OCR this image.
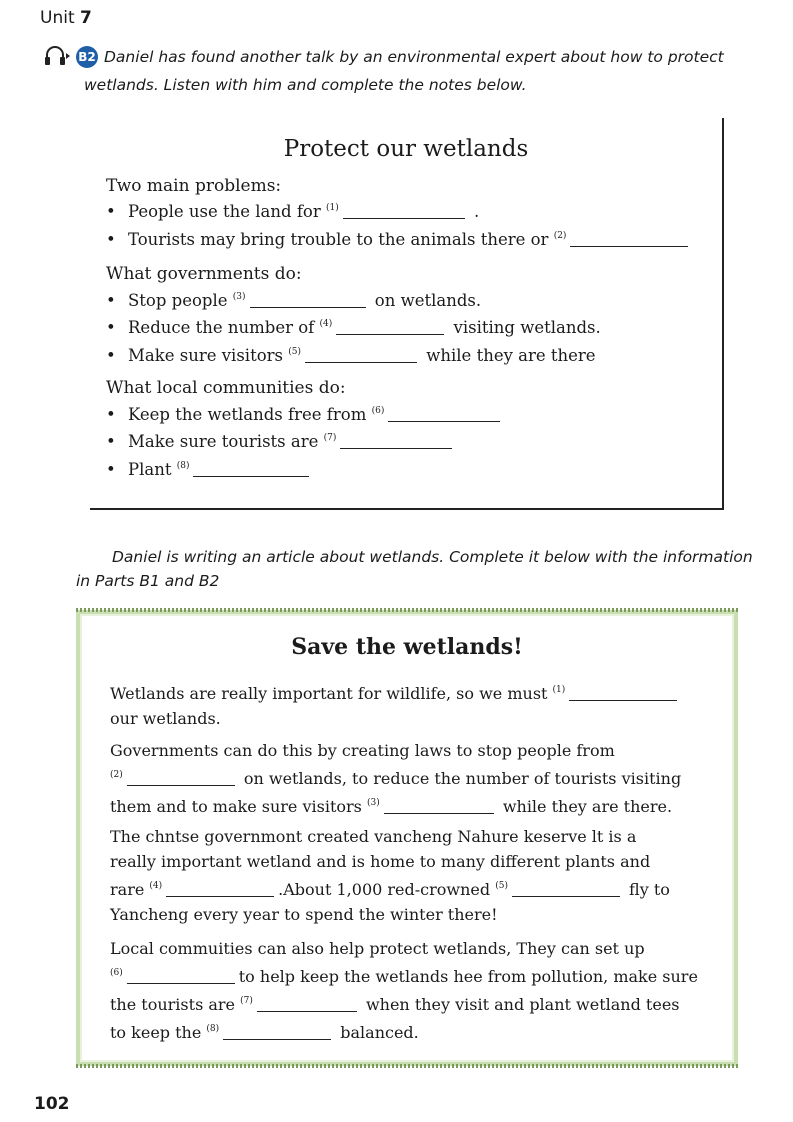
Unit 7
B2 Daniel has found another talk by an environmental expert about how to protect
wetlands. Listen with him and complete the notes below.
Protect our wetlands
Two main problems:
• People use the land for $^{(1)}$	.
• Tourists may bring trouble to the animals there or $^{(2)}$
What governments do:
• Stop people $^{(3)}$	on wetlands.
• Reduce the number of $^{(4)}$	visiting wetlands.
• Make sure visitors $^{(5)}$	while they are there
What local communities do:
• Keep the wetlands free from $^{(6)}$
• Make sure tourists are $^{(7)}$
• Plant $^{(8)}$
Daniel is writing an article about wetlands. Complete it below with the information
in Parts B1 and B2
Save the wetlands!
Wetlands are really important for wildlife, so we must $^{(1)}$
our wetlands.
Governments can do this by creating laws to stop people from
$^{(2)}$	on wetlands, to reduce the number of tourists visiting
them and to make sure visitors $^{(3)}$	while they are there.
The chntse governmont created vancheng Nahure keserve lt is a
really important wetland and is home to many different plants and
rare $^{(4)}$	.About 1,000 red-crowned $^{(5)}$	fly to
Yancheng every year to spend the winter there!
Local commuities can also help protect wetlands, They can set up
$^{(6)}$	to help keep the wetlands hee from pollution, make sure
the tourists are $^{(7)}$	when they visit and plant wetland tees
to keep the $^{(8)}$	balanced.
102
